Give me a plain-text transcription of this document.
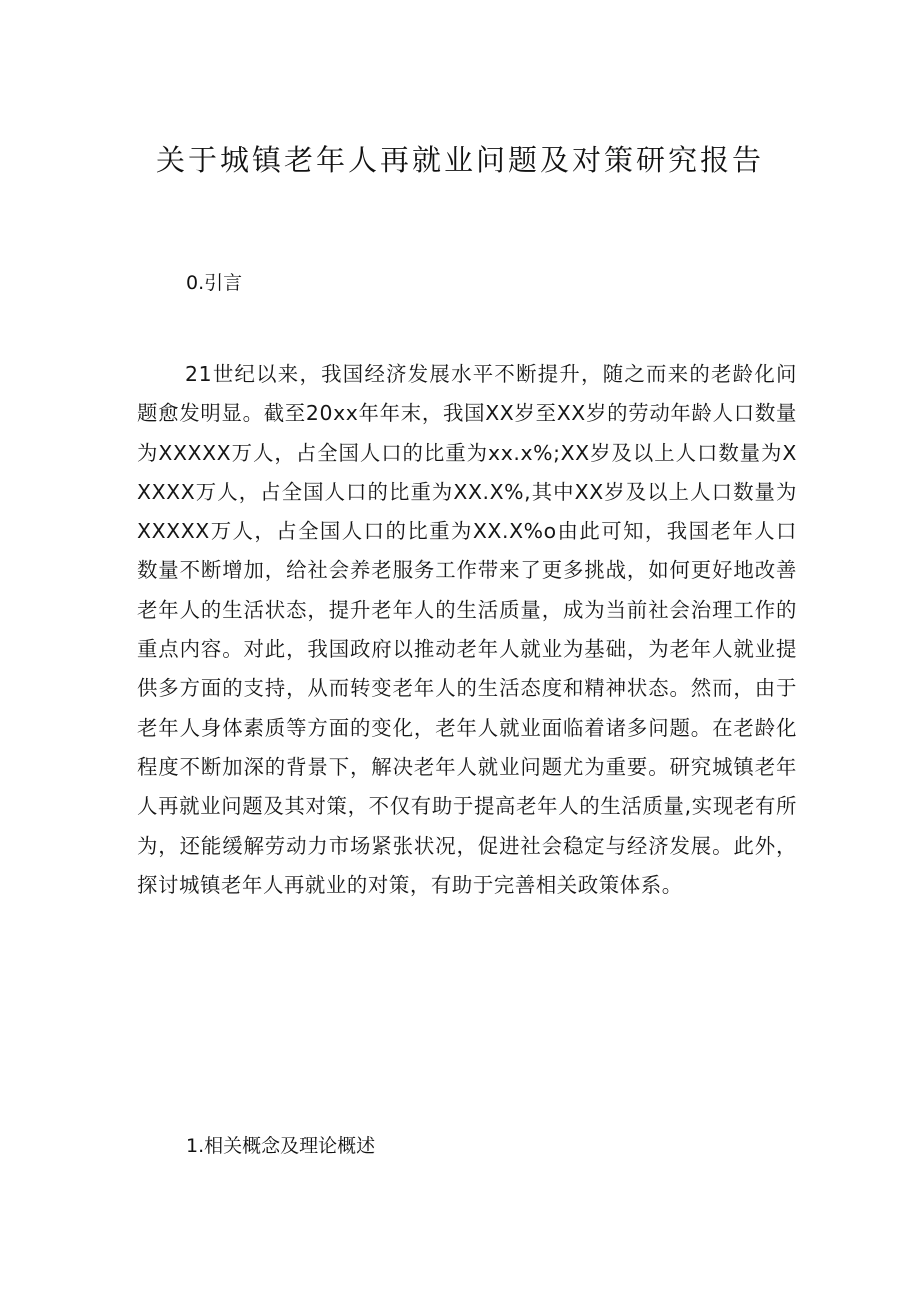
关于城镇老年人再就业问题及对策研究报告
0.引言

21世纪以来，我国经济发展水平不断提升，随之而来的老龄化问题愈发明显。截至20xx年年末，我国XX岁至XX岁的劳动年龄人口数量为XXXXX万人，占全国人口的比重为xx.x%;XX岁及以上人口数量为XXXXX万人，占全国人口的比重为XX.X%,其中XX岁及以上人口数量为XXXXX万人，占全国人口的比重为XX.X%o由此可知，我国老年人口数量不断增加，给社会养老服务工作带来了更多挑战，如何更好地改善老年人的生活状态，提升老年人的生活质量，成为当前社会治理工作的重点内容。对此，我国政府以推动老年人就业为基础，为老年人就业提供多方面的支持，从而转变老年人的生活态度和精神状态。然而，由于老年人身体素质等方面的变化，老年人就业面临着诸多问题。在老龄化程度不断加深的背景下，解决老年人就业问题尤为重要。研究城镇老年人再就业问题及其对策，不仅有助于提高老年人的生活质量,实现老有所为，还能缓解劳动力市场紧张状况，促进社会稳定与经济发展。此外，探讨城镇老年人再就业的对策，有助于完善相关政策体系。

1.相关概念及理论概述
